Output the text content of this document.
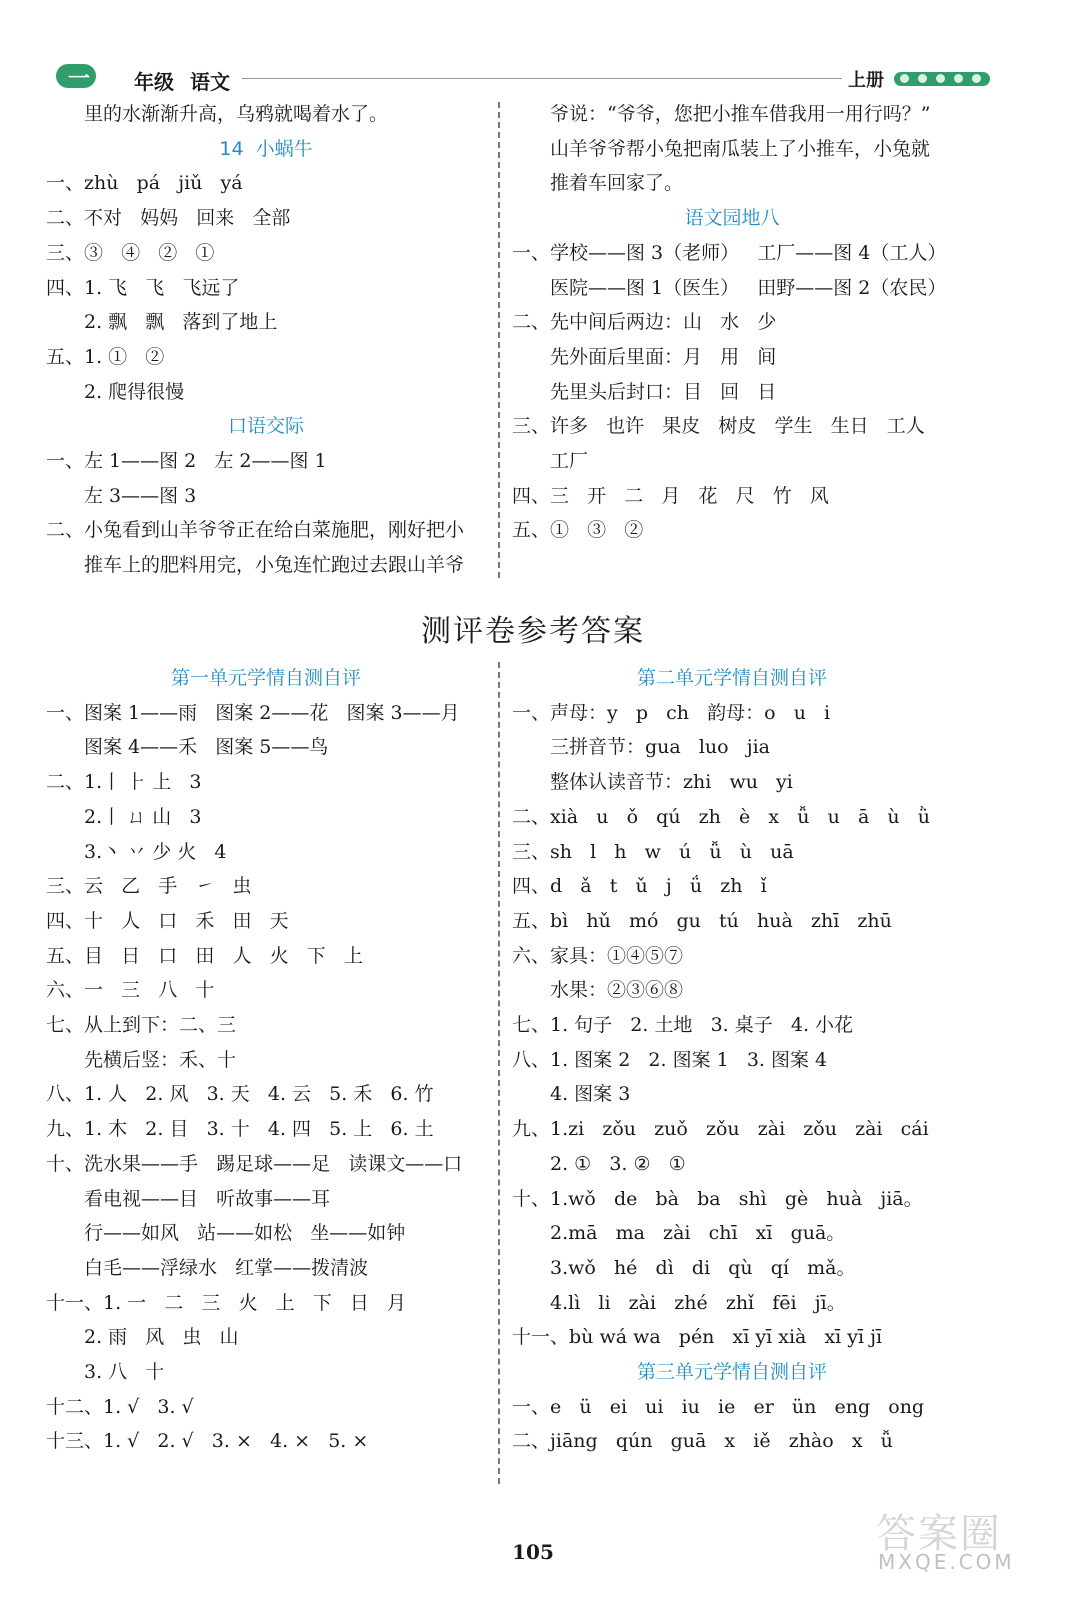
一 年级 语文	上册
里的水渐渐升高，乌鸦就喝着水了。
14  小蜗牛
一、zhù   pá   jiǔ   yá
二、不对   妈妈   回来   全部
三、③   ④   ②   ①
四、1. 飞   飞   飞远了
2. 飘   飘   落到了地上
五、1. ①   ②
2. 爬得很慢
口语交际
一、左 1——图 2   左 2——图 1
左 3——图 3
二、小兔看到山羊爷爷正在给白菜施肥，刚好把小
推车上的肥料用完，小兔连忙跑过去跟山羊爷
爷说：“爷爷，您把小推车借我用一用行吗？”
山羊爷爷帮小兔把南瓜装上了小推车，小兔就
推着车回家了。
语文园地八
一、学校——图 3（老师）   工厂——图 4（工人）
医院——图 1（医生）   田野——图 2（农民）
二、先中间后两边：山   水   少
先外面后里面：月   用   间
先里头后封口：目   回   日
三、许多   也许   果皮   树皮   学生   生日   工人
工厂
四、三   开   二   月   花   尺   竹   风
五、①   ③   ②
测评卷参考答案
第一单元学情自测自评
一、图案 1——雨   图案 2——花   图案 3——月
图案 4——禾   图案 5——鸟
二、1.丨 ⺊ 上   3
2.丨 ㄩ 山   3
3.丶 丷 少 火   4
三、云   乙   手   ㇀   虫
四、十   人   口   禾   田   天
五、目   日   口   田   人   火   下   上
六、一   三   八   十
七、从上到下：二、三
先横后竖：禾、十
八、1. 人   2. 风   3. 天   4. 云   5. 禾   6. 竹
九、1. 木   2. 目   3. 十   4. 四   5. 上   6. 土
十、洗水果——手   踢足球——足   读课文——口
看电视——目   听故事——耳
行——如风   站——如松   坐——如钟
白毛——浮绿水   红掌——拨清波
十一、1. 一   二   三   火   上   下   日   月
2. 雨   风   虫   山
3. 八   十
十二、1. √   3. √
十三、1. √   2. √   3. ×   4. ×   5. ×
第二单元学情自测自评
一、声母：y   p   ch   韵母：o   u   i
三拼音节：gua   luo   jia
整体认读音节：zhi   wu   yi
二、xià   u   ǒ   qú   zh   è   x   ǚ   u   ā   ù   ǜ
三、sh   l   h   w   ú   ǚ   ù   uā
四、d   ǎ   t   ǔ   j   ǘ   zh   ǐ
五、bì   hǔ   mó   gu   tú   huà   zhī   zhū
六、家具：①④⑤⑦
水果：②③⑥⑧
七、1. 句子   2. 土地   3. 桌子   4. 小花
八、1. 图案 2   2. 图案 1   3. 图案 4
4. 图案 3
九、1.zi   zǒu   zuǒ   zǒu   zài   zǒu   zài   cái
2. ①   3. ②   ①
十、1.wǒ   de   bà   ba   shì   gè   huà   jiā。
2.mā   ma   zài   chī   xī   guā。
3.wǒ   hé   dì   di   qù   qí   mǎ。
4.lì   li   zài   zhé   zhǐ   fēi   jī。
十一、bù wá wa   pén   xī yī xià   xī yī jī
第三单元学情自测自评
一、e   ü   ei   ui   iu   ie   er   ün   eng   ong
二、jiāng   qún   guā   x   iě   zhào   x   ǚ
105	答案圈
MXQE.COM
